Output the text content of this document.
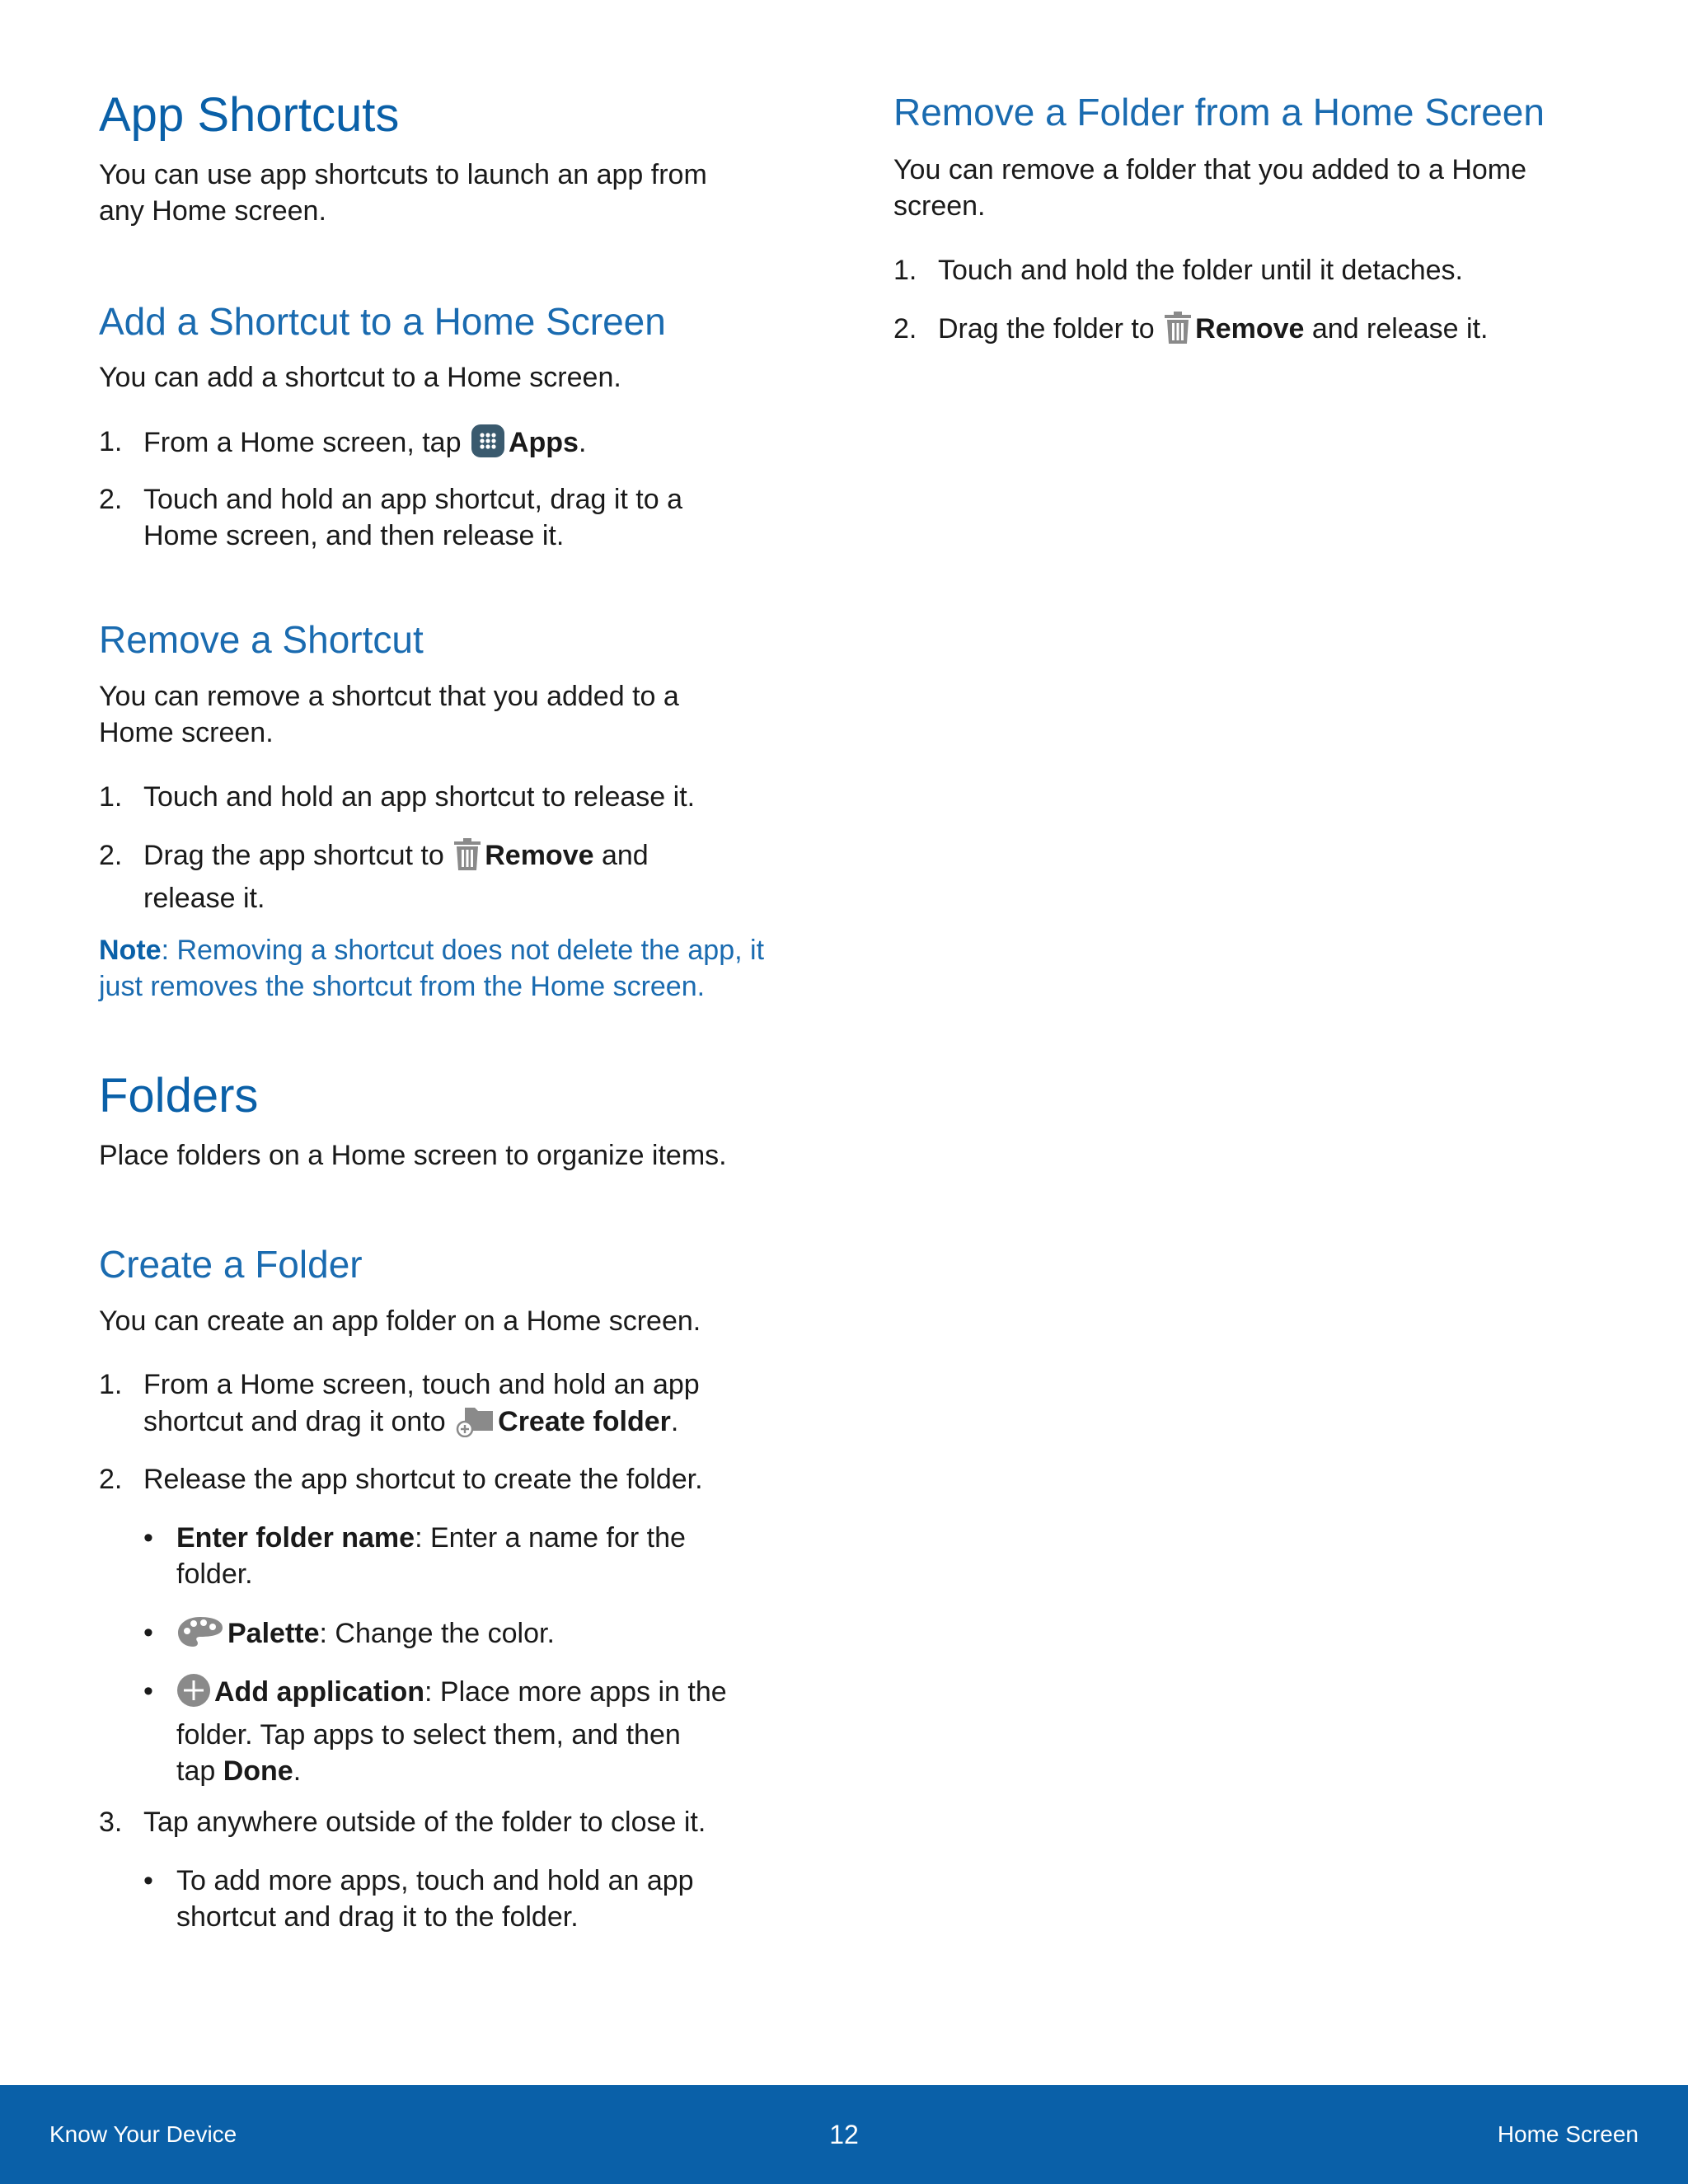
App Shortcuts
You can use app shortcuts to launch an app from
any Home screen.
Add a Shortcut to a Home Screen
You can add a shortcut to a Home screen.
1. From a Home screen, tap Apps.
2. Touch and hold an app shortcut, drag it to a
Home screen, and then release it.
Remove a Shortcut
You can remove a shortcut that you added to a
Home screen.
1. Touch and hold an app shortcut to release it.
2. Drag the app shortcut to Remove and
release it.
Note: Removing a shortcut does not delete the app, it
just removes the shortcut from the Home screen.
Folders
Place folders on a Home screen to organize items.
Create a Folder
You can create an app folder on a Home screen.
1. From a Home screen, touch and hold an app
shortcut and drag it onto Create folder.
2. Release the app shortcut to create the folder.
• Enter folder name: Enter a name for the
folder.
•	Palette: Change the color.
•	Add application: Place more apps in the
folder. Tap apps to select them, and then
tap Done.
3. Tap anywhere outside of the folder to close it.
• To add more apps, touch and hold an app
shortcut and drag it to the folder.
Remove a Folder from a Home Screen
You can remove a folder that you added to a Home
screen.
1. Touch and hold the folder until it detaches.
2. Drag the folder to Remove and release it.
Know Your Device	12	Home Screen
